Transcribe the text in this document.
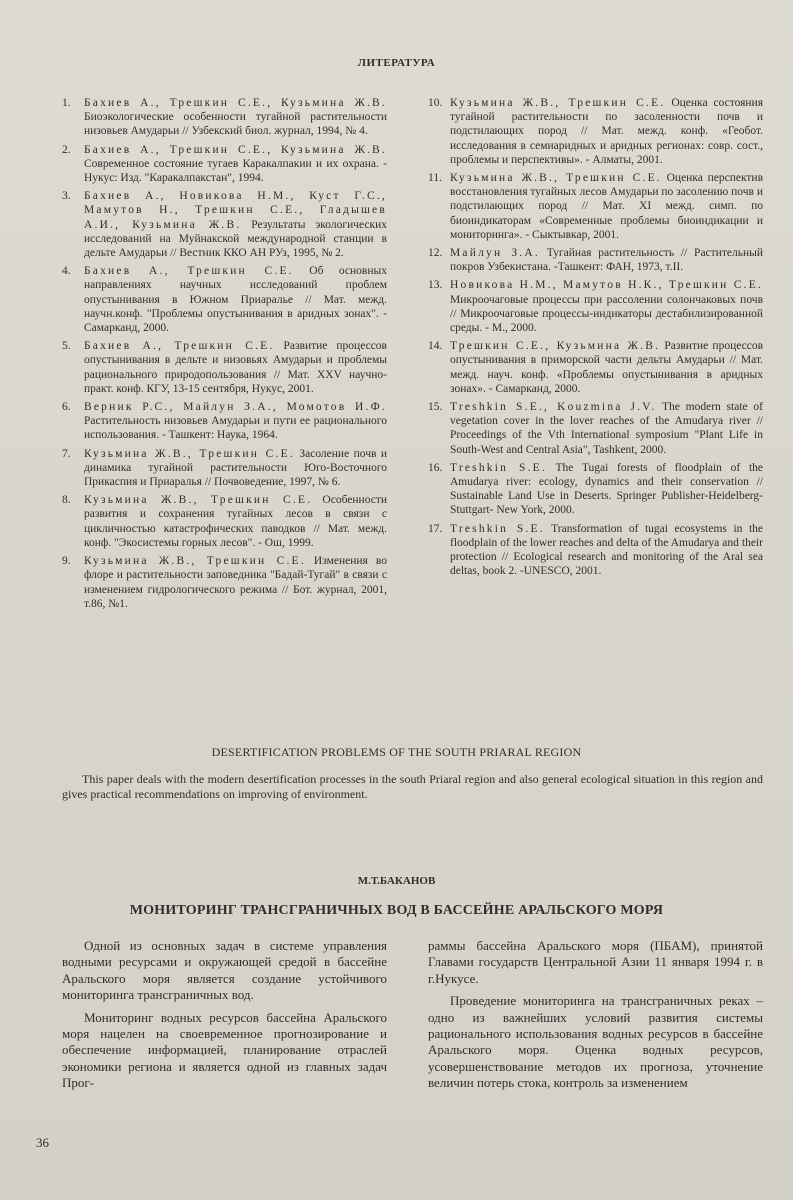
ЛИТЕРАТУРА
1.	Бахиев А., Трешкин С.Е., Кузьмина Ж.В. Биоэкологические особенности тугайной растительности низовьев Амударьи // Узбекский биол. журнал, 1994, № 4.
2.	Бахиев А., Трешкин С.Е., Кузьмина Ж.В. Современное состояние тугаев Каракалпакии и их охрана. - Нукус: Изд. "Каракалпакстан", 1994.
3.	Бахиев А., Новикова Н.М., Куст Г.С., Мамутов Н., Трешкин С.Е., Гладышев А.И., Кузьмина Ж.В. Результаты экологических исследований на Муйнакской международной станции в дельте Амударьи // Вестник ККО АН РУз, 1995, № 2.
4.	Бахиев А., Трешкин С.Е. Об основных направлениях научных исследований проблем опустынивания в Южном Приаралье // Мат. межд. научн.конф. "Проблемы опустынивания в аридных зонах". - Самарканд, 2000.
5.	Бахиев А., Трешкин С.Е. Развитие процессов опустынивания в дельте и низовьях Амударьи и проблемы рационального природопользования // Мат. XXV научно-практ. конф. КГУ, 13-15 сентября, Нукус, 2001.
6.	Верник Р.С., Майлун З.А., Момотов И.Ф. Растительность низовьев Амударьи и пути ее рационального использования. - Ташкент: Наука, 1964.
7.	Кузьмина Ж.В., Трешкин С.Е. Засоление почв и динамика тугайной растительности Юго-Восточного Прикаспия и Приаралья // Почвоведение, 1997, № 6.
8.	Кузьмина Ж.В., Трешкин С.Е. Особенности развития и сохранения тугайных лесов в связи с цикличностью катастрофических паводков // Мат. межд. конф. "Экосистемы горных лесов". - Ош, 1999.
9.	Кузьмина Ж.В., Трешкин С.Е. Изменения во флоре и растительности заповедника "Бадай-Тугай" в связи с изменением гидрологического режима // Бот. журнал, 2001, т.86, №1.
10. Кузьмина Ж.В., Трешкин С.Е. Оценка состояния тугайной растительности по засоленности почв и подстилающих пород // Мат. межд. конф. «Геобот. исследования в семиаридных и аридных регионах: совр. сост., проблемы и перспективы». - Алматы, 2001.
11. Кузьмина Ж.В., Трешкин С.Е. Оценка перспектив восстановления тугайных лесов Амударьи по засолению почв и подстилающих пород // Мат. XI межд. симп. по биоиндикаторам «Современные проблемы биоиндикации и мониторинга». - Сыктывкар, 2001.
12. Майлун З.А. Тугайная растительность // Растительный покров Узбекистана. -Ташкент: ФАН, 1973, т.II.
13. Новикова Н.М., Мамутов Н.К., Трешкин С.Е. Микроочаговые процессы при рассолении солончаковых почв // Микроочаговые процессы-индикаторы дестабилизированной среды. - М., 2000.
14. Трешкин С.Е., Кузьмина Ж.В. Развитие процессов опустынивания в приморской части дельты Амударьи // Мат. межд. науч. конф. «Проблемы опустынивания в аридных зонах». - Самарканд, 2000.
15. Treshkin S.E., Kouzmina J.V. The modern state of vegetation cover in the lover reaches of the Amudarya river // Proceedings of the Vth International symposium "Plant Life in South-West and Central Asia", Tashkent, 2000.
16. Treshkin S.E. The Tugai forests of floodplain of the Amudarya river: ecology, dynamics and their conservation // Sustainable Land Use in Deserts. Springer Publisher-Heidelberg-Stuttgart- New York, 2000.
17. Treshkin S.E. Transformation of tugai ecosystems in the floodplain of the lower reaches and delta of the Amudarya and their protection // Ecological research and monitoring of the Aral sea deltas, book 2. -UNESCO, 2001.
DESERTIFICATION PROBLEMS OF THE SOUTH PRIARAL REGION
This paper deals with the modern desertification processes in the south Priaral region and also general ecological situation in this region and gives practical recommendations on improving of environment.
М.Т.БАКАНОВ
МОНИТОРИНГ ТРАНСГРАНИЧНЫХ ВОД В БАССЕЙНЕ АРАЛЬСКОГО МОРЯ

Одной из основных задач в системе управления водными ресурсами и окружающей средой в бассейне Аральского моря является создание устойчивого мониторинга трансграничных вод.

Мониторинг водных ресурсов бассейна Аральского моря нацелен на своевременное прогнозирование и обеспечение информацией, планирование отраслей экономики региона и является одной из главных задач Прог-

раммы бассейна Аральского моря (ПБАМ), принятой Главами государств Центральной Азии 11 января 1994 г. в г.Нукусе.

Проведение мониторинга на трансграничных реках – одно из важнейших условий развития системы рационального использования водных ресурсов в бассейне Аральского моря. Оценка водных ресурсов, усовершенствование методов их прогноза, уточнение величин потерь стока, контроль за изменением

36
